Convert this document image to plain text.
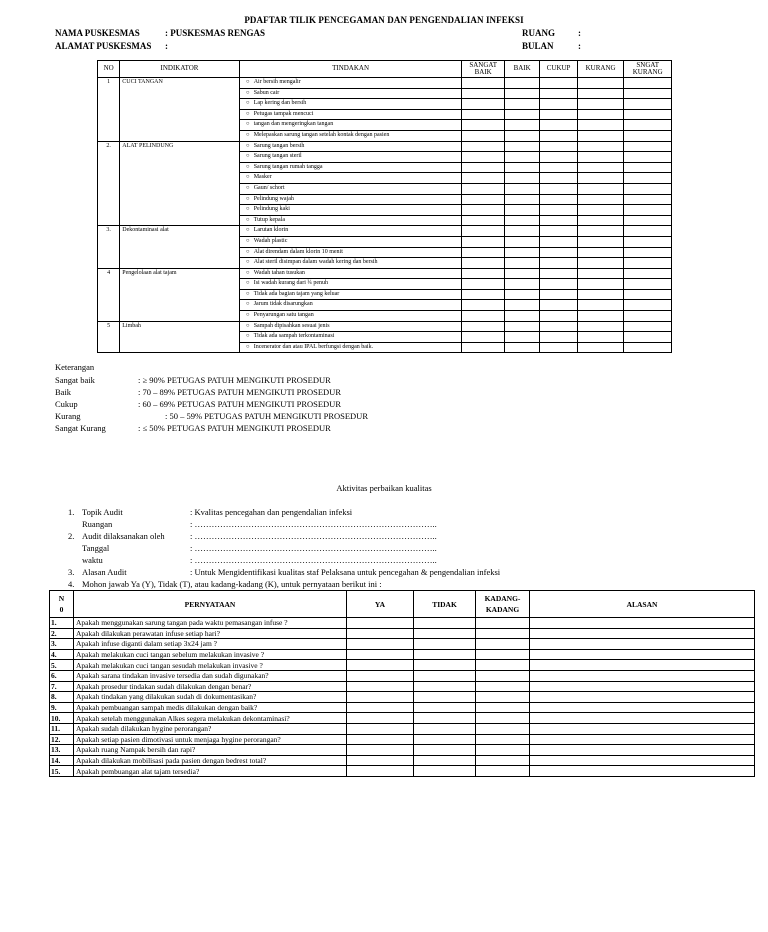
PDAFTAR TILIK PENCEGAMAN DAN PENGENDALIAN INFEKSI
NAMA PUSKESMAS	: PUSKESMAS RENGAS
ALAMAT PUSKESMAS :
RUANG	:
BULAN	:
NO	INDIKATOR	TINDAKAN	SANGAT BAIK	BAIK	CUKUP	KURANG	SNGAT KURANG
1	CUCI TANGAN	○ Air bersih mengalir					
		○ Sabun cair					
		○ Lap kering dan bersih					
		○ Petugas tampak mencuci					
		○ tangan dan mengeringkan tangan					
		○ Melepaskan sarung tangan setelah kontak dengan pasien					
2.	ALAT PELINDUNG	○ Sarung tangan bersih					
		○ Sarung tangan steril					
		○ Sarung tangan rumah tangga					
		○ Masker					
		○ Gaun/ schort					
		○ Pelindung wajah					
		○ Pelindung kaki					
		○ Tutup kepala					
3.	Dekontaminasi alat	○ Larutan klorin					
		○ Wadah plastic					
		○ Alat direndam dalam klorin 10 menit					
		○ Alat steril disimpan dalam wadah kering dan bersih					
4	Pengelolaan alat tajam	○ Wadah tahan tusukan					
		○ Isi wadah kurang dari ¾ penuh					
		○ Tidak ada bagian tajam yang keluar					
		○ Jarum tidak disarungkan					
		○ Penyarungan satu tangan					
5	Limbah	○ Sampah dipisahkan sesuai jenis					
		○ Tidak ada sampah terkontaminasi					
		○ Incenerator dan atau IPAL berfungsi dengan baik.					
Keterangan
Sangat baik	: ≥ 90% PETUGAS PATUH MENGIKUTI PROSEDUR
Baik	: 70 – 89% PETUGAS PATUH MENGIKUTI PROSEDUR
Cukup	: 60 – 69% PETUGAS PATUH MENGIKUTI PROSEDUR
Kurang	: 50 – 59% PETUGAS PATUH MENGIKUTI PROSEDUR
Sangat Kurang	: ≤ 50% PETUGAS PATUH MENGIKUTI PROSEDUR
Aktivitas perbaikan kualitas
1. Topik Audit	: Kvalitas pencegahan dan pengendalian infeksi
Ruangan	: …………………………………………………………………………..
2. Audit dilaksanakan oleh	: …………………………………………………………………………..
Tanggal	: …………………………………………………………………………..
waktu	: …………………………………………………………………………..
3. Alasan Audit	: Untuk Mengidentifikasi kualitas staf Pelaksana untuk pencegahan & pengendalian infeksi
4. Mohon jawab Ya (Y), Tidak (T), atau kadang-kadang (K), untuk pernyataan berikut ini :
N
0	PERNYATAAN	YA	TIDAK	KADANG-
KADANG	ALASAN
1.	Apakah menggunakan sarung tangan pada waktu pemasangan infuse ?				
2.	Apakah dilakukan perawatan infuse setiap hari?				
3.	Apakah infuse diganti dalam setiap 3x24 jam ?				
4.	Apakah melakukan cuci tangan sebelum melakukan invasive ?				
5.	Apakah melakukan cuci tangan sesudah melakukan invasive ?				
6.	Apakah sarana tindakan invasive tersedia dan sudah digunakan?				
7.	Apakah prosedur tindakan sudah dilakukan dengan benar?				
8.	Apakah tindakan yang dilakukan sudah di dokumentasikan?				
9.	Apakah pembuangan sampah medis dilakukan dengan baik?				
10.	Apakah setelah menggunakan Alkes segera melakukan dekontaminasi?				
11.	Apakah sudah dilakukan hygine perorangan?				
12.	Apakah setiap pasien dimotivasi untuk menjaga hygine perorangan?				
13.	Apakah ruang Nampak bersih dan rapi?				
14.	Apakah dilakukan mobilisasi pada pasien dengan bedrest total?				
15.	Apakah pembuangan alat tajam tersedia?				
